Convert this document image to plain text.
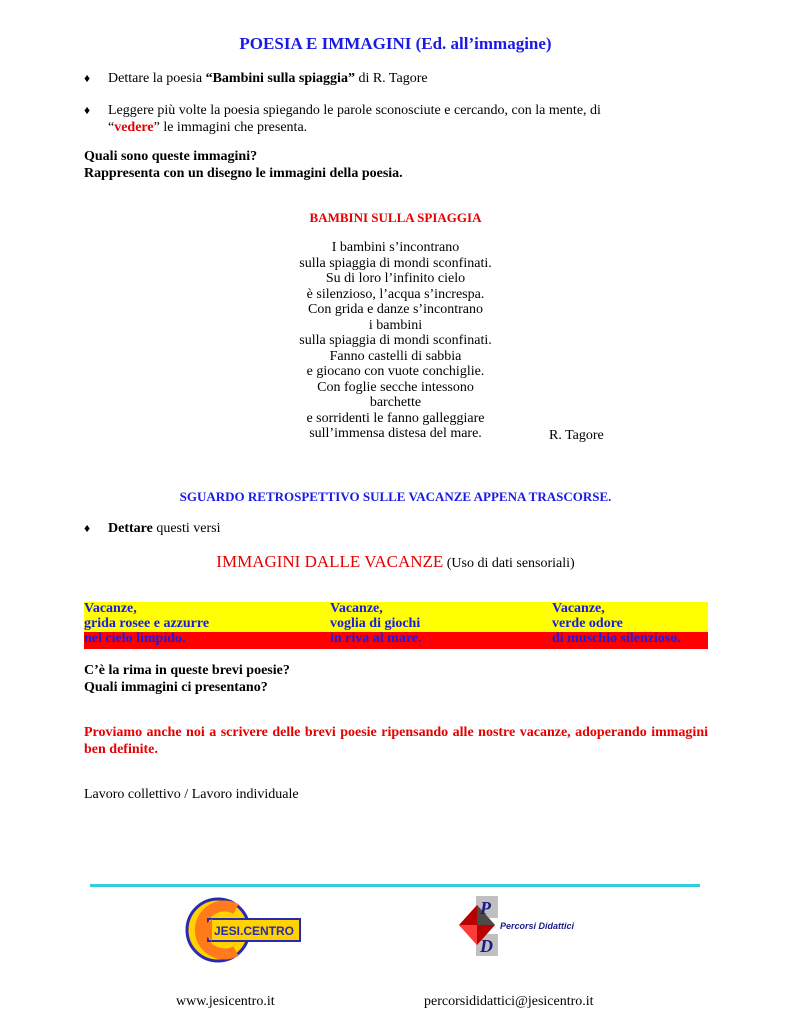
POESIA E IMMAGINI (Ed. all’immagine)
♦ Dettare la poesia “Bambini sulla spiaggia” di R. Tagore
♦ Leggere più volte la poesia spiegando le parole sconosciute e cercando, con la mente, di
“vedere” le immagini che presenta.
Quali sono queste immagini?
Rappresenta con un disegno le immagini della poesia.
BAMBINI SULLA SPIAGGIA
I bambini s’incontrano
sulla spiaggia di mondi sconfinati.
Su di loro l’infinito cielo
è silenzioso, l’acqua s’increspa.
Con grida e danze s’incontrano
i bambini
sulla spiaggia di mondi sconfinati.
Fanno castelli di sabbia
e giocano con vuote conchiglie.
Con foglie secche intessono
barchette
e sorridenti le fanno galleggiare
sull’immensa distesa del mare.	R. Tagore
SGUARDO RETROSPETTIVO SULLE VACANZE APPENA TRASCORSE.
♦ Dettare questi versi
IMMAGINI DALLE VACANZE (Uso di dati sensoriali)
Vacanze,
grida rosee e azzurre
nel cielo limpido.
Vacanze,
voglia di giochi
in riva al mare.
Vacanze,
verde odore
di muschio silenzioso.
C’è la rima in queste brevi poesie?
Quali immagini ci presentano?
Proviamo anche noi a scrivere delle brevi poesie ripensando alle nostre vacanze, adoperando immagini ben definite.
Lavoro collettivo / Lavoro individuale
JESI.CENTRO
P
D
Percorsi Didattici
www.jesicentro.it	percorsididattici@jesicentro.it
